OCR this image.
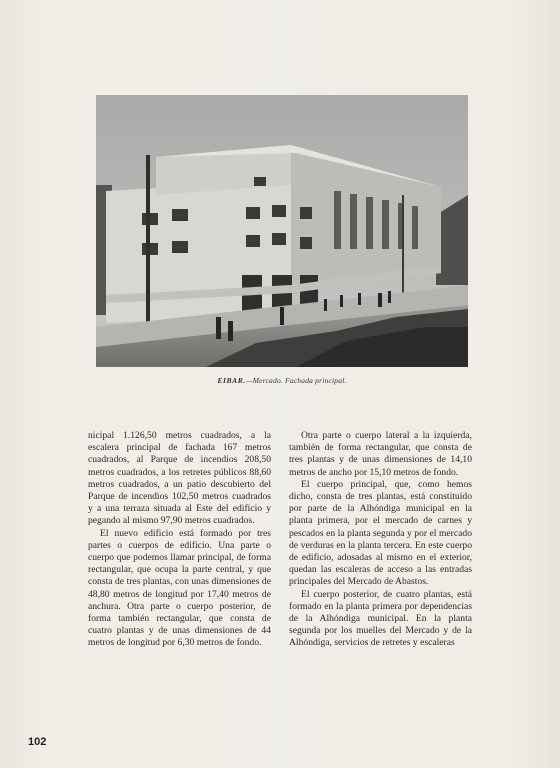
EIBAR.—Mercado. Fachada principal.

nicipal 1.126,50 metros cuadrados, a la escalera principal de fachada 167 metros cuadrados, al Parque de incendios 208,50 metros cuadrados, a los retretes públicos 88,60 metros cuadrados, a un patio descubierto del Parque de incendios 102,50 metros cuadrados y a una terraza situada al Este del edificio y pegando al mismo 97,90 metros cuadrados.

El nuevo edificio está formado por tres partes o cuerpos de edificio. Una parte o cuerpo que podemos llamar principal, de forma rectangular, que ocupa la parte central, y que consta de tres plantas, con unas dimensiones de 48,80 metros de longitud por 17,40 metros de anchura. Otra parte o cuerpo posterior, de forma también rectangular, que consta de cuatro plantas y de unas dimensiones de 44 metros de longitud por 6,30 metros de fondo.

Otra parte o cuerpo lateral a la izquierda, también de forma rectangular, que consta de tres plantas y de unas dimensiones de 14,10 metros de ancho por 15,10 metros de fondo.

El cuerpo principal, que, como hemos dicho, consta de tres plantas, está constituído por parte de la Alhóndiga municipal en la planta primera, por el mercado de carnes y pescados en la planta segunda y por el mercado de verduras en la planta tercera. En este cuerpo de edificio, adosadas al mismo en el exterior, quedan las escaleras de acceso a las entradas principales del Mercado de Abastos.

El cuerpo posterior, de cuatro plantas, está formado en la planta primera por dependencias de la Alhóndiga municipal. En la planta segunda por los muelles del Mercado y de la Alhóndiga, servicios de retretes y escaleras

102
